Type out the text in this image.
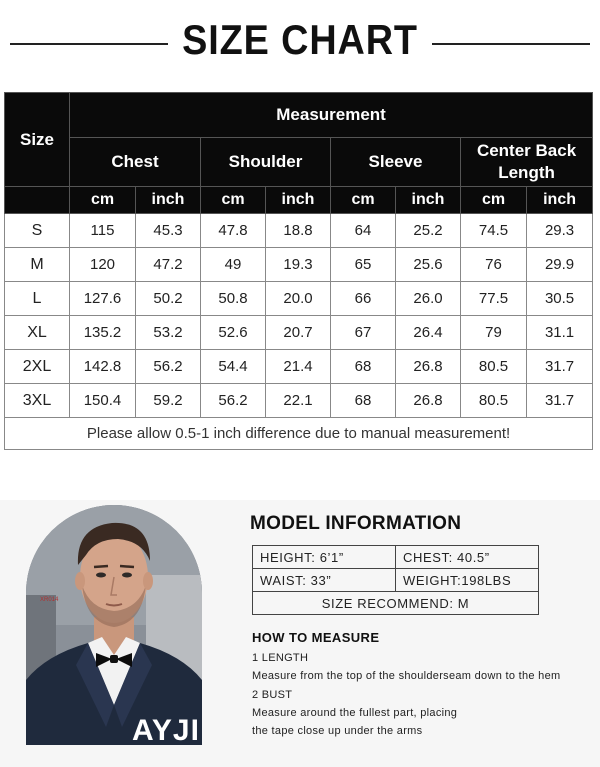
SIZE CHART
Size	Measurement							
	Chest		Shoulder		Sleeve		Center Back Length	
	cm	inch	cm	inch	cm	inch	cm	inch
S	115	45.3	47.8	18.8	64	25.2	74.5	29.3
M	120	47.2	49	19.3	65	25.6	76	29.9
L	127.6	50.2	50.8	20.0	66	26.0	77.5	30.5
XL	135.2	53.2	52.6	20.7	67	26.4	79	31.1
2XL	142.8	56.2	54.4	21.4	68	26.8	80.5	31.7
3XL	150.4	59.2	56.2	22.1	68	26.8	80.5	31.7
Please allow 0.5-1 inch difference due to manual measurement!								
AYJI
XR014
MODEL INFORMATION
HEIGHT: 6’1”	CHEST: 40.5”
WAIST: 33”	WEIGHT:198LBS
SIZE RECOMMEND: M	
HOW TO MEASURE
1 LENGTH
Measure from the top of the shoulderseam down to the hem
2 BUST
Measure around the fullest part, placing
the tape close up under the arms
